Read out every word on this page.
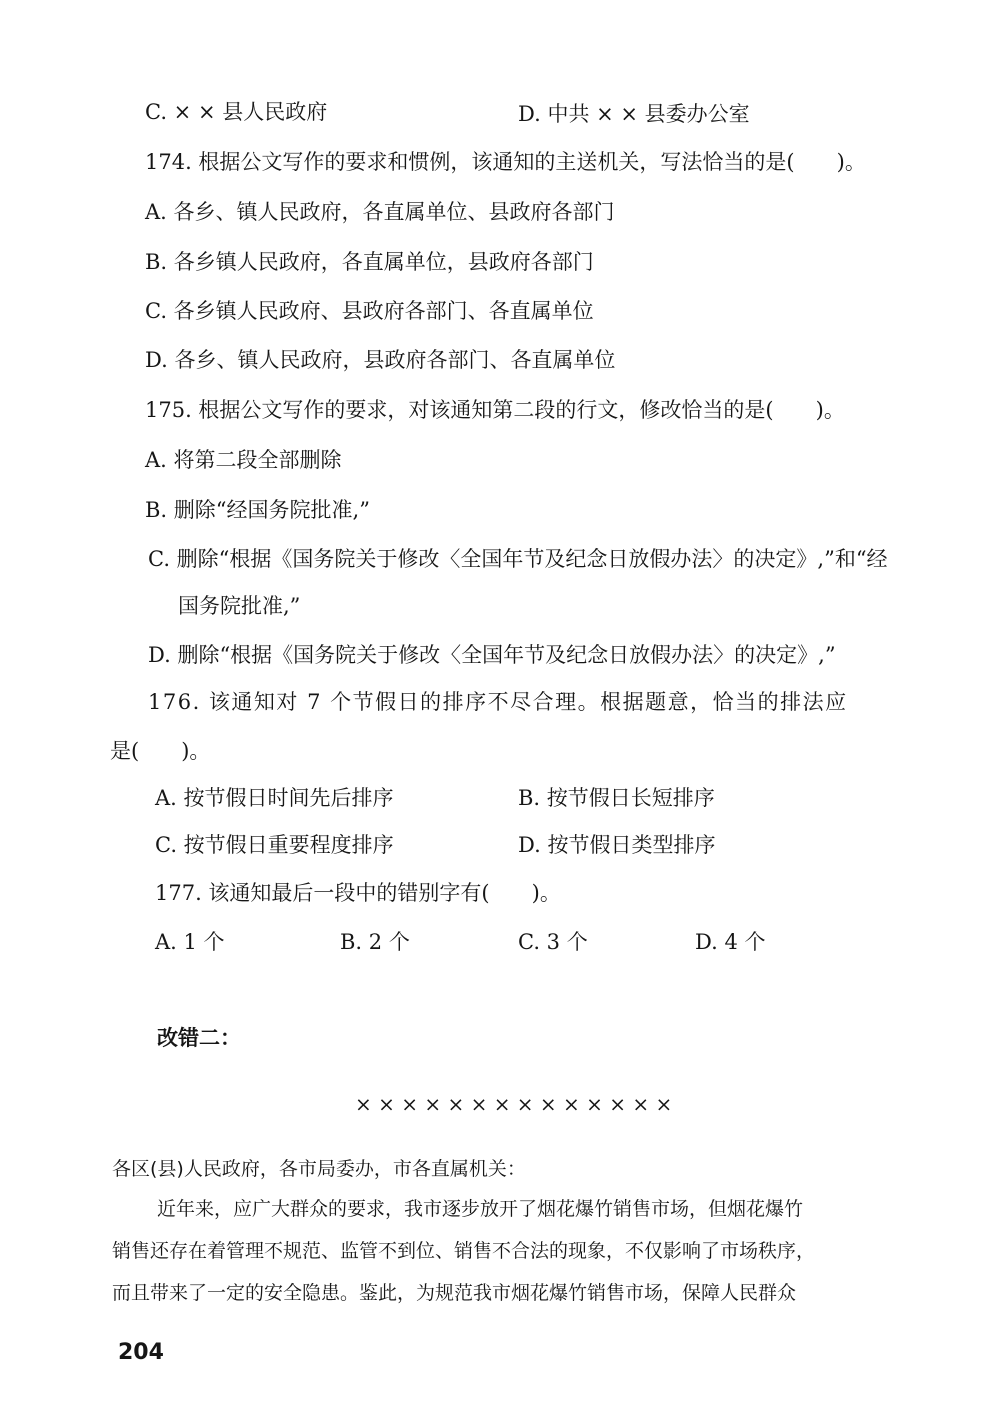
C. × × 县人民政府	D. 中共 × × 县委办公室
174. 根据公文写作的要求和惯例，该通知的主送机关，写法恰当的是(　　)。
A. 各乡、镇人民政府，各直属单位、县政府各部门
B. 各乡镇人民政府，各直属单位，县政府各部门
C. 各乡镇人民政府、县政府各部门、各直属单位
D. 各乡、镇人民政府，县政府各部门、各直属单位
175. 根据公文写作的要求，对该通知第二段的行文，修改恰当的是(　　)。
A. 将第二段全部删除
B. 删除“经国务院批准,”
C. 删除“根据《国务院关于修改〈全国年节及纪念日放假办法〉的决定》,”和“经
国务院批准,”
D. 删除“根据《国务院关于修改〈全国年节及纪念日放假办法〉的决定》,”
176. 该通知对 7 个节假日的排序不尽合理。根据题意，恰当的排法应
是(　　)。
A. 按节假日时间先后排序	B. 按节假日长短排序
C. 按节假日重要程度排序	D. 按节假日类型排序
177. 该通知最后一段中的错别字有(　　)。
A. 1 个	B. 2 个	C. 3 个	D. 4 个
改错二：
× × × × × × × × × × × × × ×
各区(县)人民政府，各市局委办，市各直属机关：
近年来，应广大群众的要求，我市逐步放开了烟花爆竹销售市场，但烟花爆竹
销售还存在着管理不规范、监管不到位、销售不合法的现象，不仅影响了市场秩序，
而且带来了一定的安全隐患。鉴此，为规范我市烟花爆竹销售市场，保障人民群众
204
